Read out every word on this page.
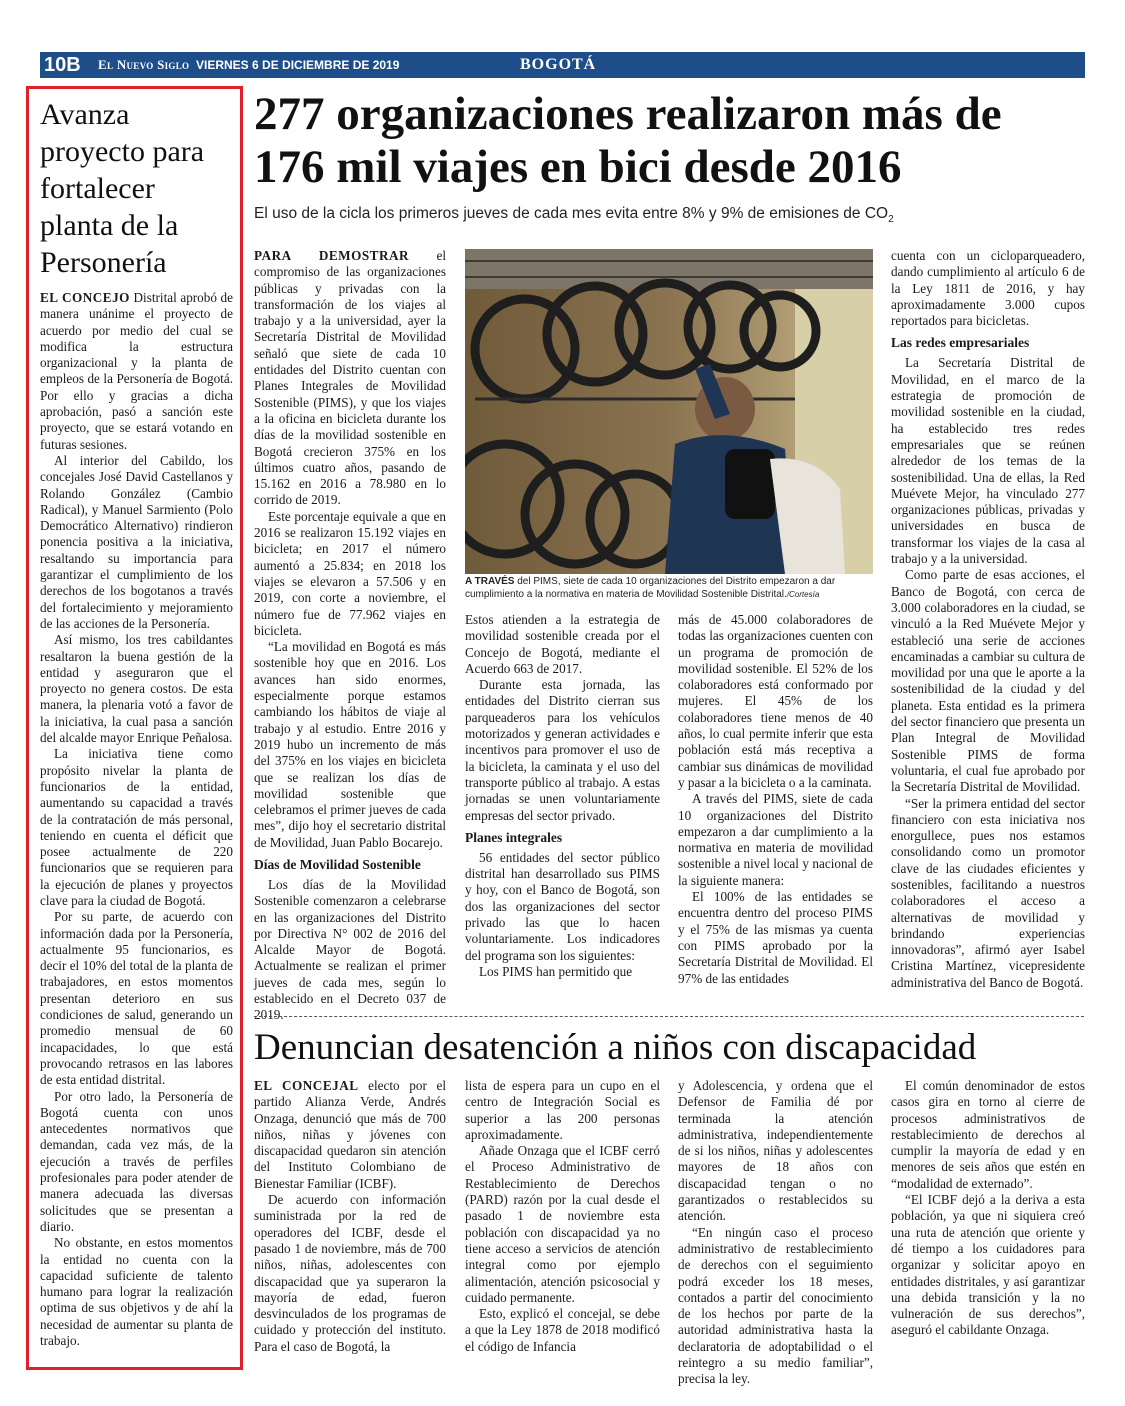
10B El Nuevo Siglo VIERNES 6 DE DICIEMBRE DE 2019	BOGOTÁ
Avanza proyecto para fortalecer planta de la Personería

EL CONCEJO Distrital aprobó de manera unánime el proyecto de acuerdo por medio del cual se modifica la estructura organizacional y la planta de empleos de la Personería de Bogotá. Por ello y gracias a dicha aprobación, pasó a sanción este proyecto, que se estará votando en futuras sesiones.

Al interior del Cabildo, los concejales José David Castellanos y Rolando González (Cambio Radical), y Manuel Sarmiento (Polo Democrático Alternativo) rindieron ponencia positiva a la iniciativa, resaltando su importancia para garantizar el cumplimiento de los derechos de los bogotanos a través del fortalecimiento y mejoramiento de las acciones de la Personería.

Así mismo, los tres cabildantes resaltaron la buena gestión de la entidad y aseguraron que el proyecto no genera costos. De esta manera, la plenaria votó a favor de la iniciativa, la cual pasa a sanción del alcalde mayor Enrique Peñalosa.

La iniciativa tiene como propósito nivelar la planta de funcionarios de la entidad, aumentando su capacidad a través de la contratación de más personal, teniendo en cuenta el déficit que posee actualmente de 220 funcionarios que se requieren para la ejecución de planes y proyectos clave para la ciudad de Bogotá.

Por su parte, de acuerdo con información dada por la Personería, actualmente 95 funcionarios, es decir el 10% del total de la planta de trabajadores, en estos momentos presentan deterioro en sus condiciones de salud, generando un promedio mensual de 60 incapacidades, lo que está provocando retrasos en las labores de esta entidad distrital.

Por otro lado, la Personería de Bogotá cuenta con unos antecedentes normativos que demandan, cada vez más, de la ejecución a través de perfiles profesionales para poder atender de manera adecuada las diversas solicitudes que se presentan a diario.

No obstante, en estos momentos la entidad no cuenta con la capacidad suficiente de talento humano para lograr la realización optima de sus objetivos y de ahí la necesidad de aumentar su planta de trabajo.

277 organizaciones realizaron más de 176 mil viajes en bici desde 2016
El uso de la cicla los primeros jueves de cada mes evita entre 8% y 9% de emisiones de $CO_2$

PARA DEMOSTRAR el compromiso de las organizaciones públicas y privadas con la transformación de los viajes al trabajo y a la universidad, ayer la Secretaría Distrital de Movilidad señaló que siete de cada 10 entidades del Distrito cuentan con Planes Integrales de Movilidad Sostenible (PIMS), y que los viajes a la oficina en bicicleta durante los días de la movilidad sostenible en Bogotá crecieron 375% en los últimos cuatro años, pasando de 15.162 en 2016 a 78.980 en lo corrido de 2019.

Este porcentaje equivale a que en 2016 se realizaron 15.192 viajes en bicicleta; en 2017 el número aumentó a 25.834; en 2018 los viajes se elevaron a 57.506 y en 2019, con corte a noviembre, el número fue de 77.962 viajes en bicicleta.

“La movilidad en Bogotá es más sostenible hoy que en 2016. Los avances han sido enormes, especialmente porque estamos cambiando los hábitos de viaje al trabajo y al estudio. Entre 2016 y 2019 hubo un incremento de más del 375% en los viajes en bicicleta que se realizan los días de movilidad sostenible que celebramos el primer jueves de cada mes”, dijo hoy el secretario distrital de Movilidad, Juan Pablo Bocarejo.

Días de Movilidad Sostenible

Los días de la Movilidad Sostenible comenzaron a celebrarse en las organizaciones del Distrito por Directiva N° 002 de 2016 del Alcalde Mayor de Bogotá. Actualmente se realizan el primer jueves de cada mes, según lo establecido en el Decreto 037 de 2019.

A TRAVÉS del PIMS, siete de cada 10 organizaciones del Distrito empezaron a dar cumplimiento a la normativa en materia de Movilidad Sostenible Distrital./Cortesía

Estos atienden a la estrategia de movilidad sostenible creada por el Concejo de Bogotá, mediante el Acuerdo 663 de 2017.

Durante esta jornada, las entidades del Distrito cierran sus parqueaderos para los vehículos motorizados y generan actividades e incentivos para promover el uso de la bicicleta, la caminata y el uso del transporte público al trabajo. A estas jornadas se unen voluntariamente empresas del sector privado.

Planes integrales

56 entidades del sector público distrital han desarrollado sus PIMS y hoy, con el Banco de Bogotá, son dos las organizaciones del sector privado las que lo hacen voluntariamente. Los indicadores del programa son los siguientes:

Los PIMS han permitido que

más de 45.000 colaboradores de todas las organizaciones cuenten con un programa de promoción de movilidad sostenible. El 52% de los colaboradores está conformado por mujeres. El 45% de los colaboradores tiene menos de 40 años, lo cual permite inferir que esta población está más receptiva a cambiar sus dinámicas de movilidad y pasar a la bicicleta o a la caminata.

A través del PIMS, siete de cada 10 organizaciones del Distrito empezaron a dar cumplimiento a la normativa en materia de movilidad sostenible a nivel local y nacional de la siguiente manera:

El 100% de las entidades se encuentra dentro del proceso PIMS y el 75% de las mismas ya cuenta con PIMS aprobado por la Secretaría Distrital de Movilidad. El 97% de las entidades

cuenta con un cicloparqueadero, dando cumplimiento al artículo 6 de la Ley 1811 de 2016, y hay aproximadamente 3.000 cupos reportados para bicicletas.

Las redes empresariales

La Secretaría Distrital de Movilidad, en el marco de la estrategia de promoción de movilidad sostenible en la ciudad, ha establecido tres redes empresariales que se reúnen alrededor de los temas de la sostenibilidad. Una de ellas, la Red Muévete Mejor, ha vinculado 277 organizaciones públicas, privadas y universidades en busca de transformar los viajes de la casa al trabajo y a la universidad.

Como parte de esas acciones, el Banco de Bogotá, con cerca de 3.000 colaboradores en la ciudad, se vinculó a la Red Muévete Mejor y estableció una serie de acciones encaminadas a cambiar su cultura de movilidad por una que le aporte a la sostenibilidad de la ciudad y del planeta. Esta entidad es la primera del sector financiero que presenta un Plan Integral de Movilidad Sostenible PIMS de forma voluntaria, el cual fue aprobado por la Secretaría Distrital de Movilidad.

“Ser la primera entidad del sector financiero con esta iniciativa nos enorgullece, pues nos estamos consolidando como un promotor clave de las ciudades eficientes y sostenibles, facilitando a nuestros colaboradores el acceso a alternativas de movilidad y brindando experiencias innovadoras”, afirmó ayer Isabel Cristina Martínez, vicepresidente administrativa del Banco de Bogotá.

Denuncian desatención a niños con discapacidad

EL CONCEJAL electo por el partido Alianza Verde, Andrés Onzaga, denunció que más de 700 niños, niñas y jóvenes con discapacidad quedaron sin atención del Instituto Colombiano de Bienestar Familiar (ICBF).

De acuerdo con información suministrada por la red de operadores del ICBF, desde el pasado 1 de noviembre, más de 700 niños, niñas, adolescentes con discapacidad que ya superaron la mayoría de edad, fueron desvinculados de los programas de cuidado y protección del instituto. Para el caso de Bogotá, la

lista de espera para un cupo en el centro de Integración Social es superior a las 200 personas aproximadamente.

Añade Onzaga que el ICBF cerró el Proceso Administrativo de Restablecimiento de Derechos (PARD) razón por la cual desde el pasado 1 de noviembre esta población con discapacidad ya no tiene acceso a servicios de atención integral como por ejemplo alimentación, atención psicosocial y cuidado permanente.

Esto, explicó el concejal, se debe a que la Ley 1878 de 2018 modificó el código de Infancia

y Adolescencia, y ordena que el Defensor de Familia dé por terminada la atención administrativa, independientemente de si los niños, niñas y adolescentes mayores de 18 años con discapacidad tengan o no garantizados o restablecidos su atención.

“En ningún caso el proceso administrativo de restablecimiento de derechos con el seguimiento podrá exceder los 18 meses, contados a partir del conocimiento de los hechos por parte de la autoridad administrativa hasta la declaratoria de adoptabilidad o el reintegro a su medio familiar”, precisa la ley.

El común denominador de estos casos gira en torno al cierre de procesos administrativos de restablecimiento de derechos al cumplir la mayoría de edad y en menores de seis años que estén en “modalidad de externado”.

“El ICBF dejó a la deriva a esta población, ya que ni siquiera creó una ruta de atención que oriente y dé tiempo a los cuidadores para organizar y solicitar apoyo en entidades distritales, y así garantizar una debida transición y la no vulneración de sus derechos”, aseguró el cabildante Onzaga.
